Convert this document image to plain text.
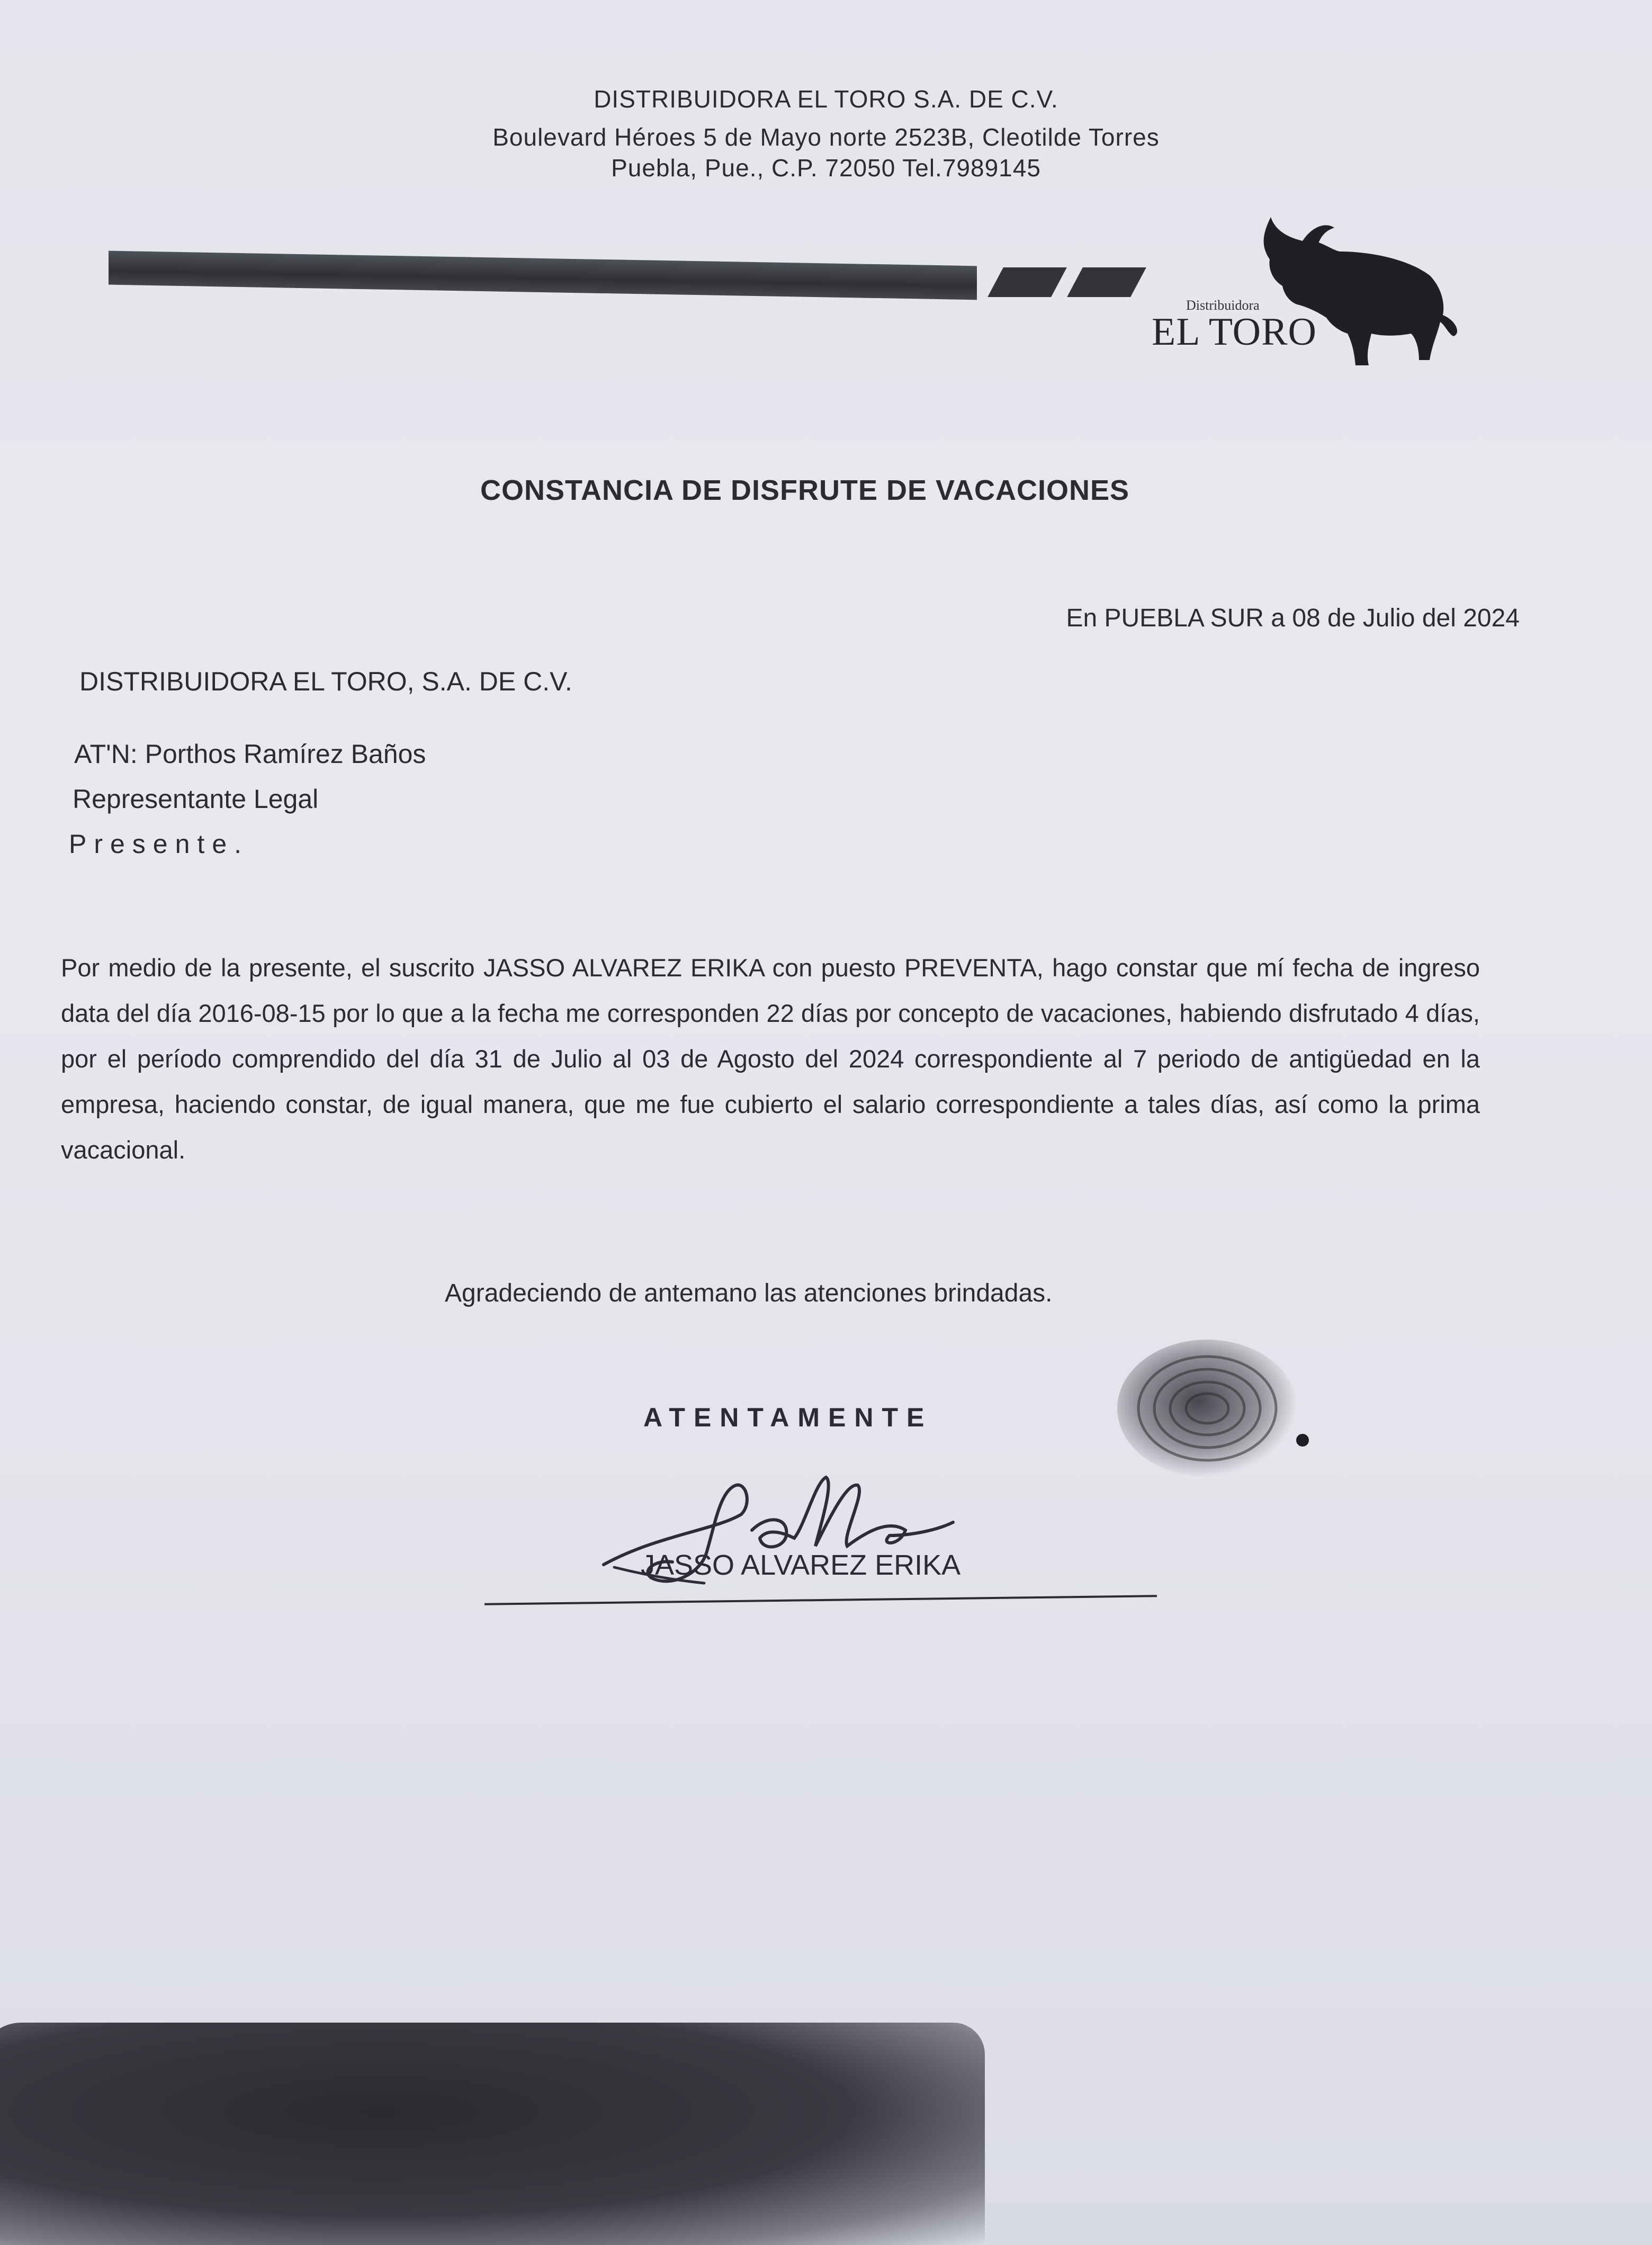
DISTRIBUIDORA EL TORO S.A. DE C.V.
Boulevard Héroes 5 de Mayo norte 2523B, Cleotilde Torres
Puebla, Pue., C.P. 72050 Tel.7989145
Distribuidora
EL TORO
CONSTANCIA DE DISFRUTE DE VACACIONES
En PUEBLA SUR a 08 de Julio del 2024
DISTRIBUIDORA EL TORO, S.A. DE C.V.
AT'N: Porthos Ramírez Baños
Representante Legal
Presente.

Por medio de la presente, el suscrito JASSO ALVAREZ ERIKA con puesto PREVENTA, hago constar que mí fecha de ingreso data del día 2016-08-15 por lo que a la fecha me corresponden 22 días por concepto de vacaciones, habiendo disfrutado 4 días, por el período comprendido del día 31 de Julio al 03 de Agosto del 2024 correspondiente al 7 periodo de antigüedad en la empresa, haciendo constar, de igual manera, que me fue cubierto el salario correspondiente a tales días, así como la prima vacacional.

Agradeciendo de antemano las atenciones brindadas.
ATENTAMENTE
JASSO ALVAREZ ERIKA
